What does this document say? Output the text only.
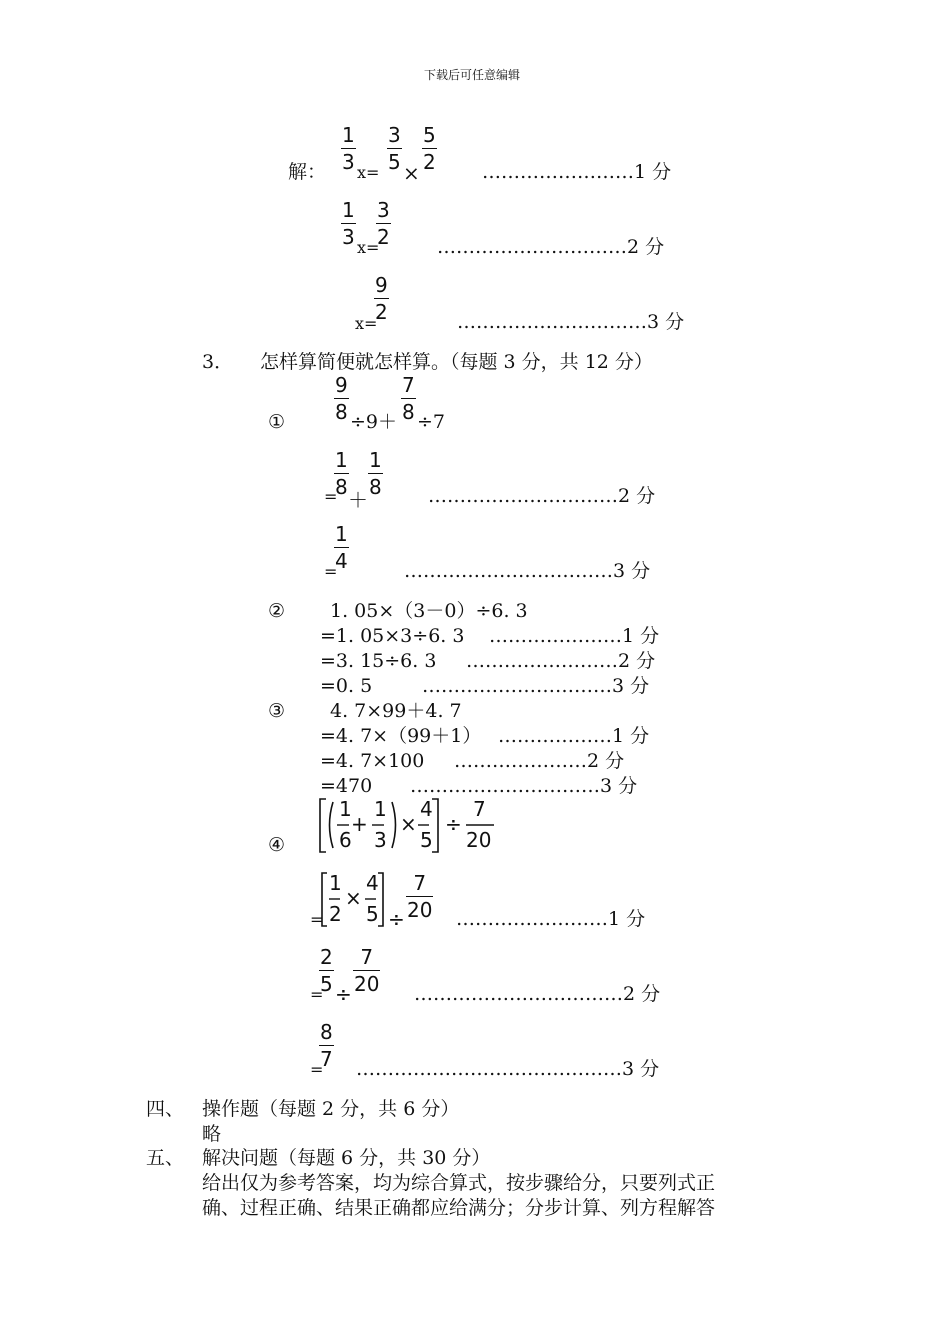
下载后可任意编辑
解： $\frac{1}{3} x= \frac{3}{5} \times \frac{5}{2}$ ……………………1 分
$\frac{1}{3} x=$
$\frac{3}{2}$ …………………………2 分
x=
$\frac{9}{2}$	…………………………3 分
3． 怎样算简便就怎样算。（每题 3 分，共 12 分）
① $\frac{9}{8} \div 9+ \frac{7}{8} \div 7$
=
$\frac{1}{8} + \frac{1}{8}$ …………………………2 分
=
$\frac{1}{4}$	……………………………3 分
② 1. 05×（3－0）÷6. 3
=1. 05×3÷6. 3 …………………1 分
=3. 15÷6. 3 ……………………2 分
=0. 5	…………………………3 分
③ 4. 7×99＋4. 7
=4. 7×（99＋1） ………………1 分
=4. 7×100 …………………2 分
=470 …………………………3 分
④
1
6
+
1
3
×
4
5
÷
7
20
=
1
2
×
4
$5 \div \frac{7}{20}$ ……………………1 分
=
$\frac{2}{5} \div \frac{7}{20}$ ……………………………2 分
=
$\frac{8}{7}$ ……………………………………3 分
四、 操作题（每题 2 分，共 6 分）
略
五、 解决问题（每题 6 分，共 30 分）
给出仅为参考答案，均为综合算式，按步骤给分，只要列式正
确、过程正确、结果正确都应给满分；分步计算、列方程解答
